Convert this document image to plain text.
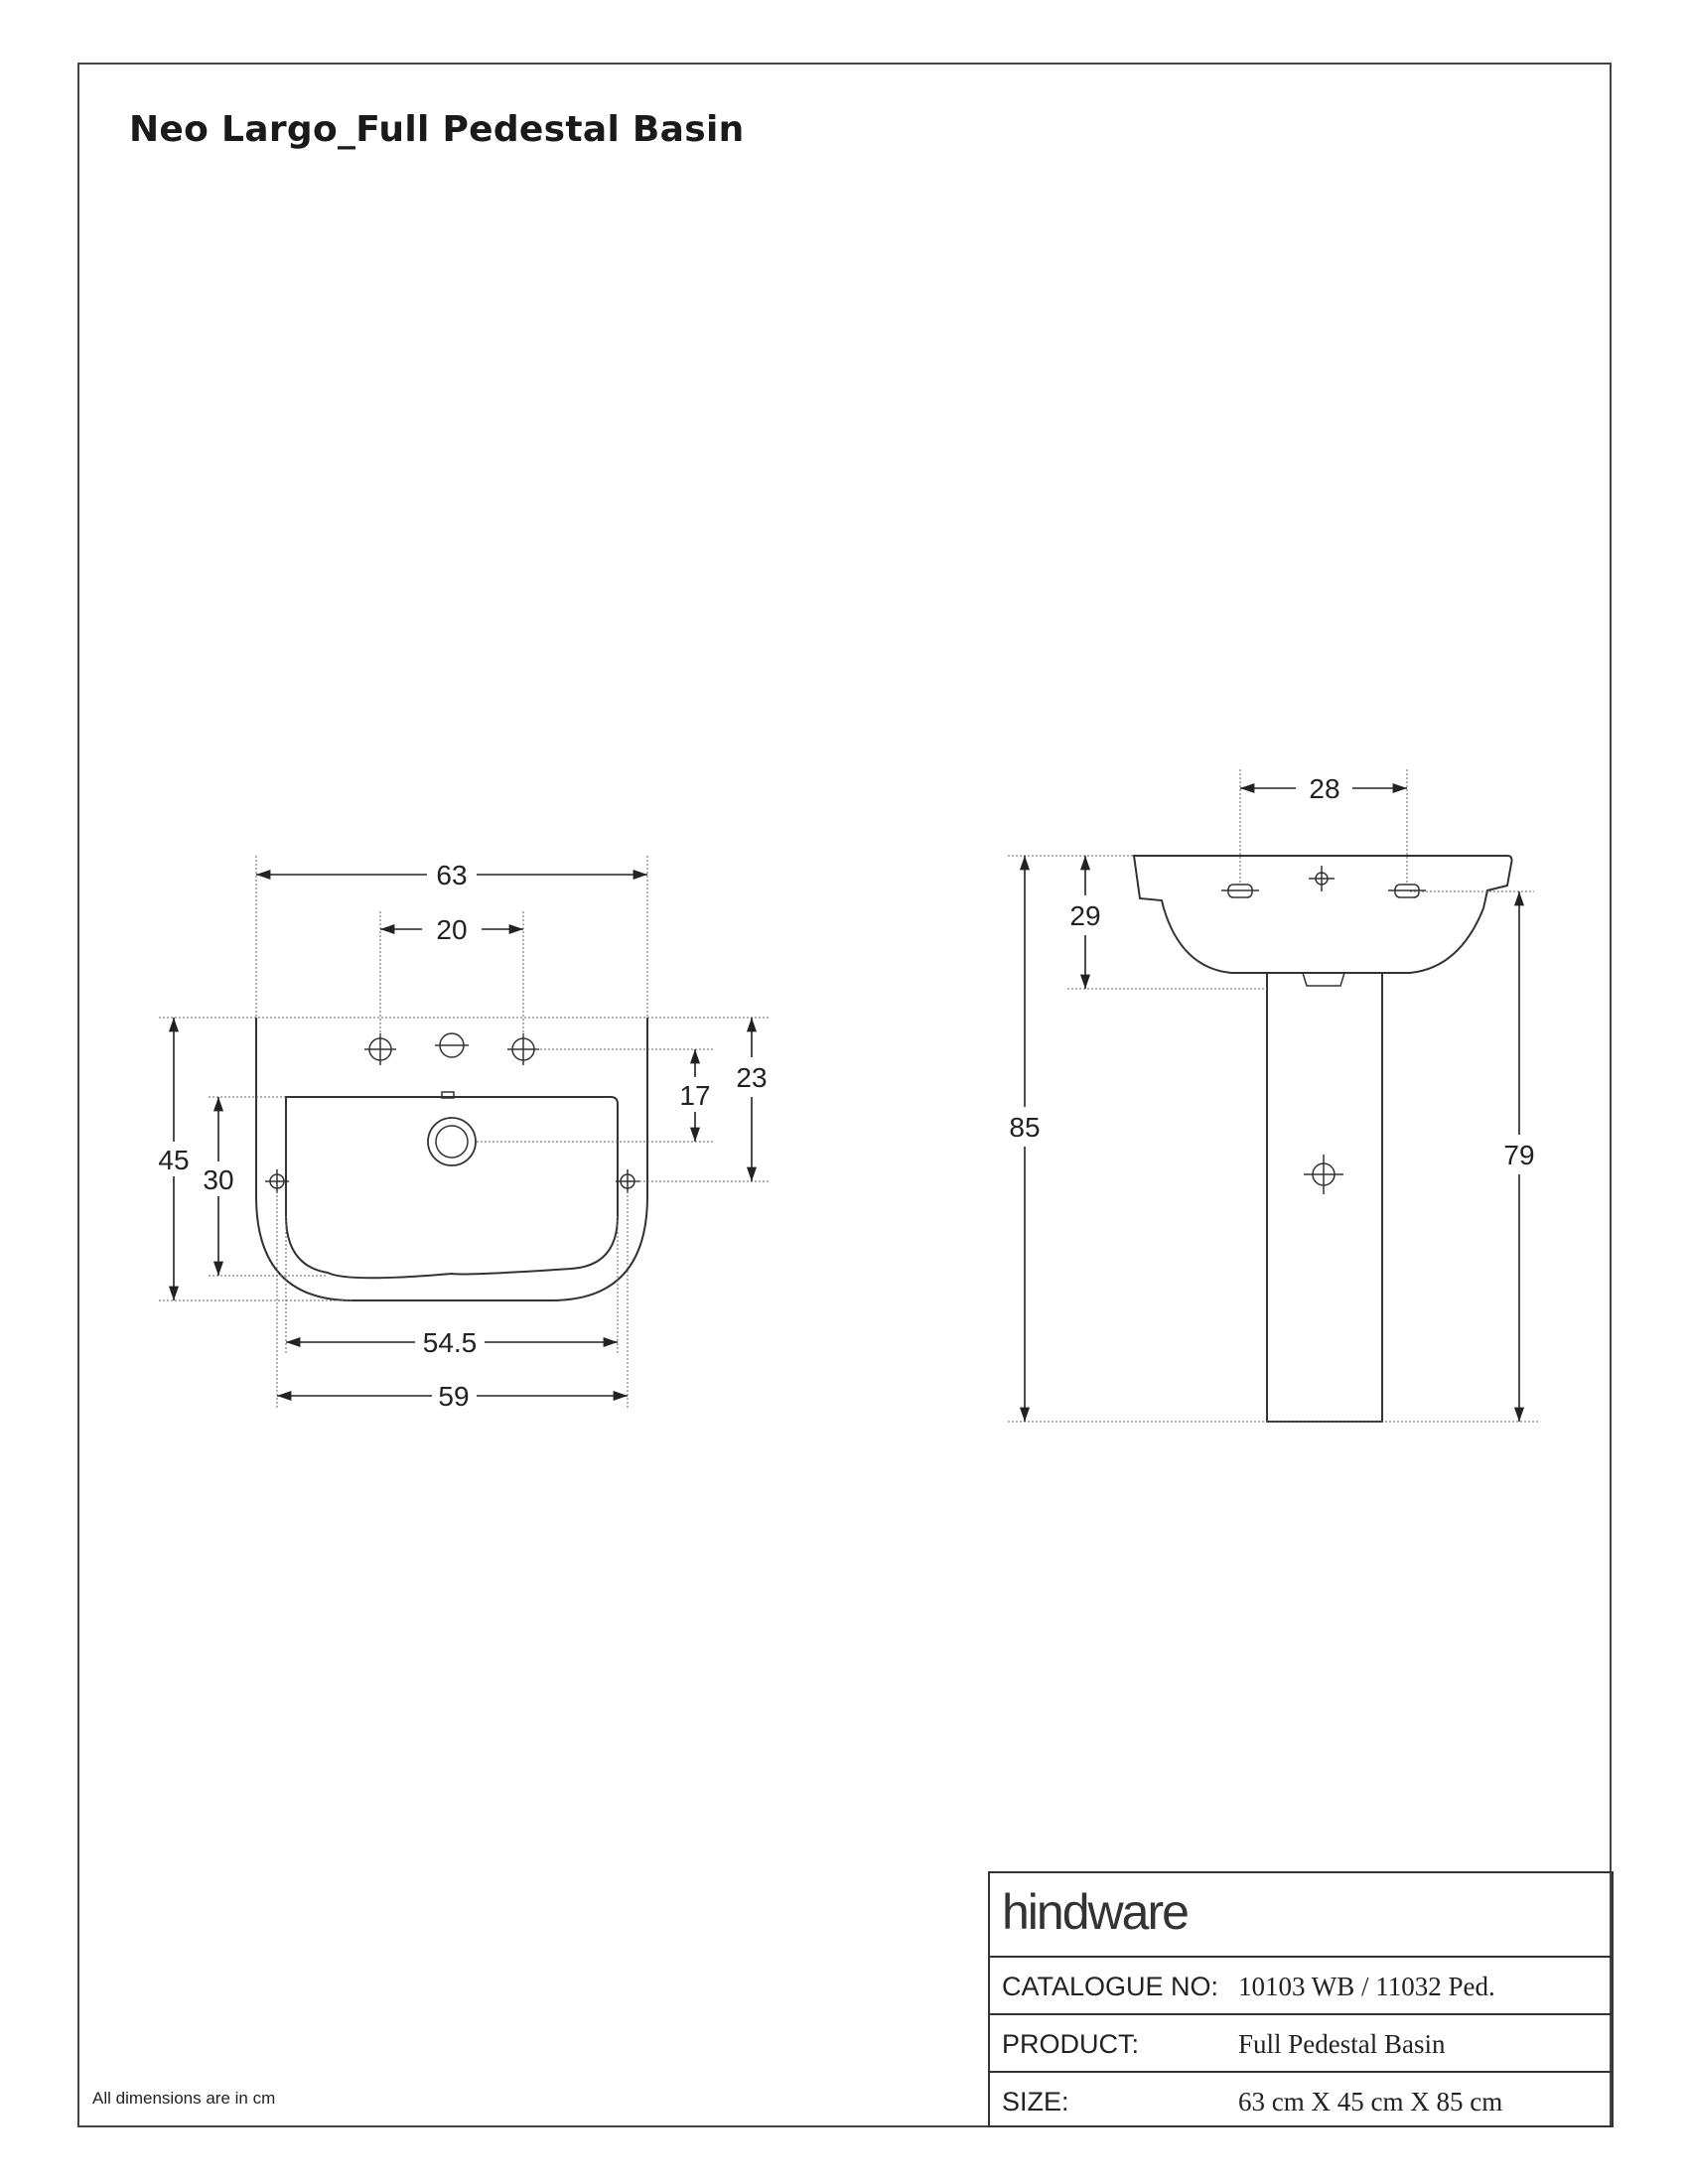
Neo Largo_Full Pedestal Basin
63
20
45
30
17
23
54.5
59
28
29
85
79
All dimensions are in cm
hindware
CATALOGUE NO: 10103 WB / 11032 Ped.
PRODUCT:	Full Pedestal Basin
SIZE:	63 cm X 45 cm X 85 cm
